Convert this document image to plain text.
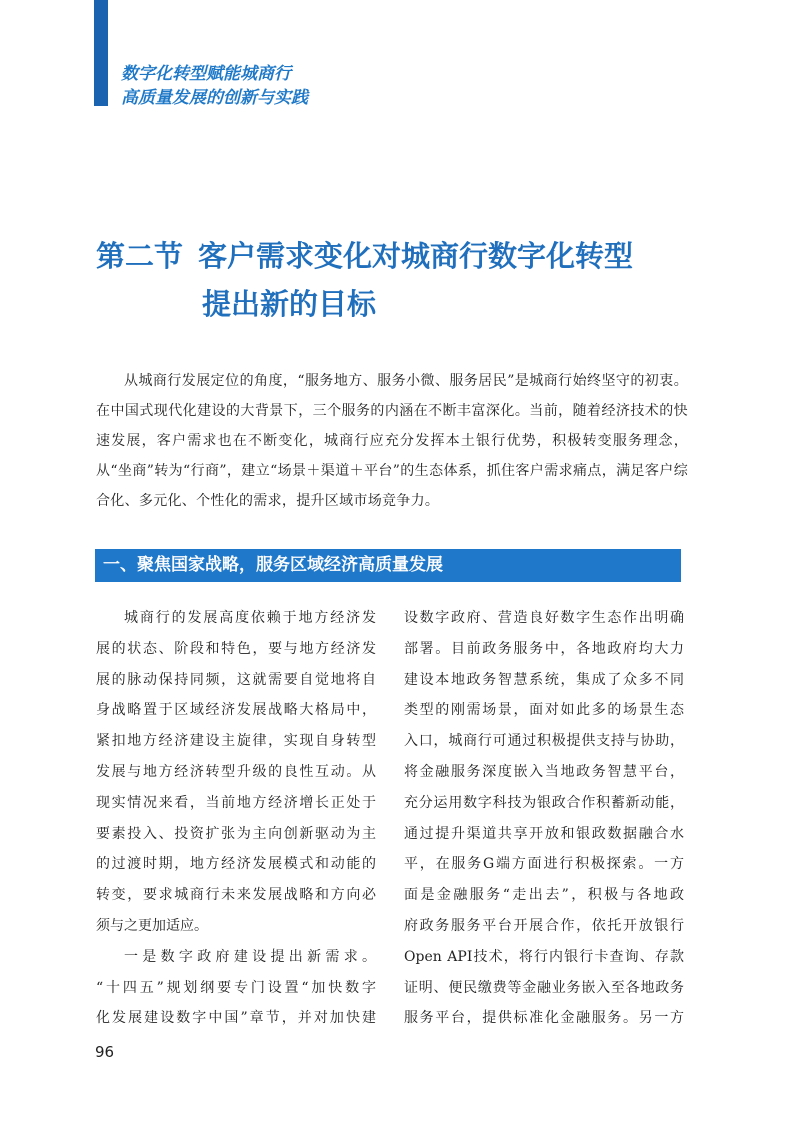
数字化转型赋能城商行
高质量发展的创新与实践
第二节 客户需求变化对城商行数字化转型
提出新的目标

从城商行发展定位的角度，“服务地方、服务小微、服务居民”是城商行始终坚守的初衷。在中国式现代化建设的大背景下，三个服务的内涵在不断丰富深化。当前，随着经济技术的快速发展，客户需求也在不断变化，城商行应充分发挥本土银行优势，积极转变服务理念，从“坐商”转为“行商”，建立“场景＋渠道＋平台”的生态体系，抓住客户需求痛点，满足客户综合化、多元化、个性化的需求，提升区域市场竞争力。

一、聚焦国家战略，服务区域经济高质量发展
城商行的发展高度依赖于地方经济发
展的状态、阶段和特色，要与地方经济发
展的脉动保持同频，这就需要自觉地将自
身战略置于区域经济发展战略大格局中，
紧扣地方经济建设主旋律，实现自身转型
发展与地方经济转型升级的良性互动。从
现实情况来看，当前地方经济增长正处于
要素投入、投资扩张为主向创新驱动为主
的过渡时期，地方经济发展模式和动能的
转变，要求城商行未来发展战略和方向必
须与之更加适应。
一是数字政府建设提出新需求。
“十四五”规划纲要专门设置“加快数字
化发展建设数字中国”章节，并对加快建
设数字政府、营造良好数字生态作出明确
部署。目前政务服务中，各地政府均大力
建设本地政务智慧系统，集成了众多不同
类型的刚需场景，面对如此多的场景生态
入口，城商行可通过积极提供支持与协助，
将金融服务深度嵌入当地政务智慧平台，
充分运用数字科技为银政合作积蓄新动能，
通过提升渠道共享开放和银政数据融合水
平，在服务G端方面进行积极探索。一方
面是金融服务“走出去”，积极与各地政
府政务服务平台开展合作，依托开放银行
Open API技术，将行内银行卡查询、存款
证明、便民缴费等金融业务嵌入至各地政务
服务平台，提供标准化金融服务。另一方
96
